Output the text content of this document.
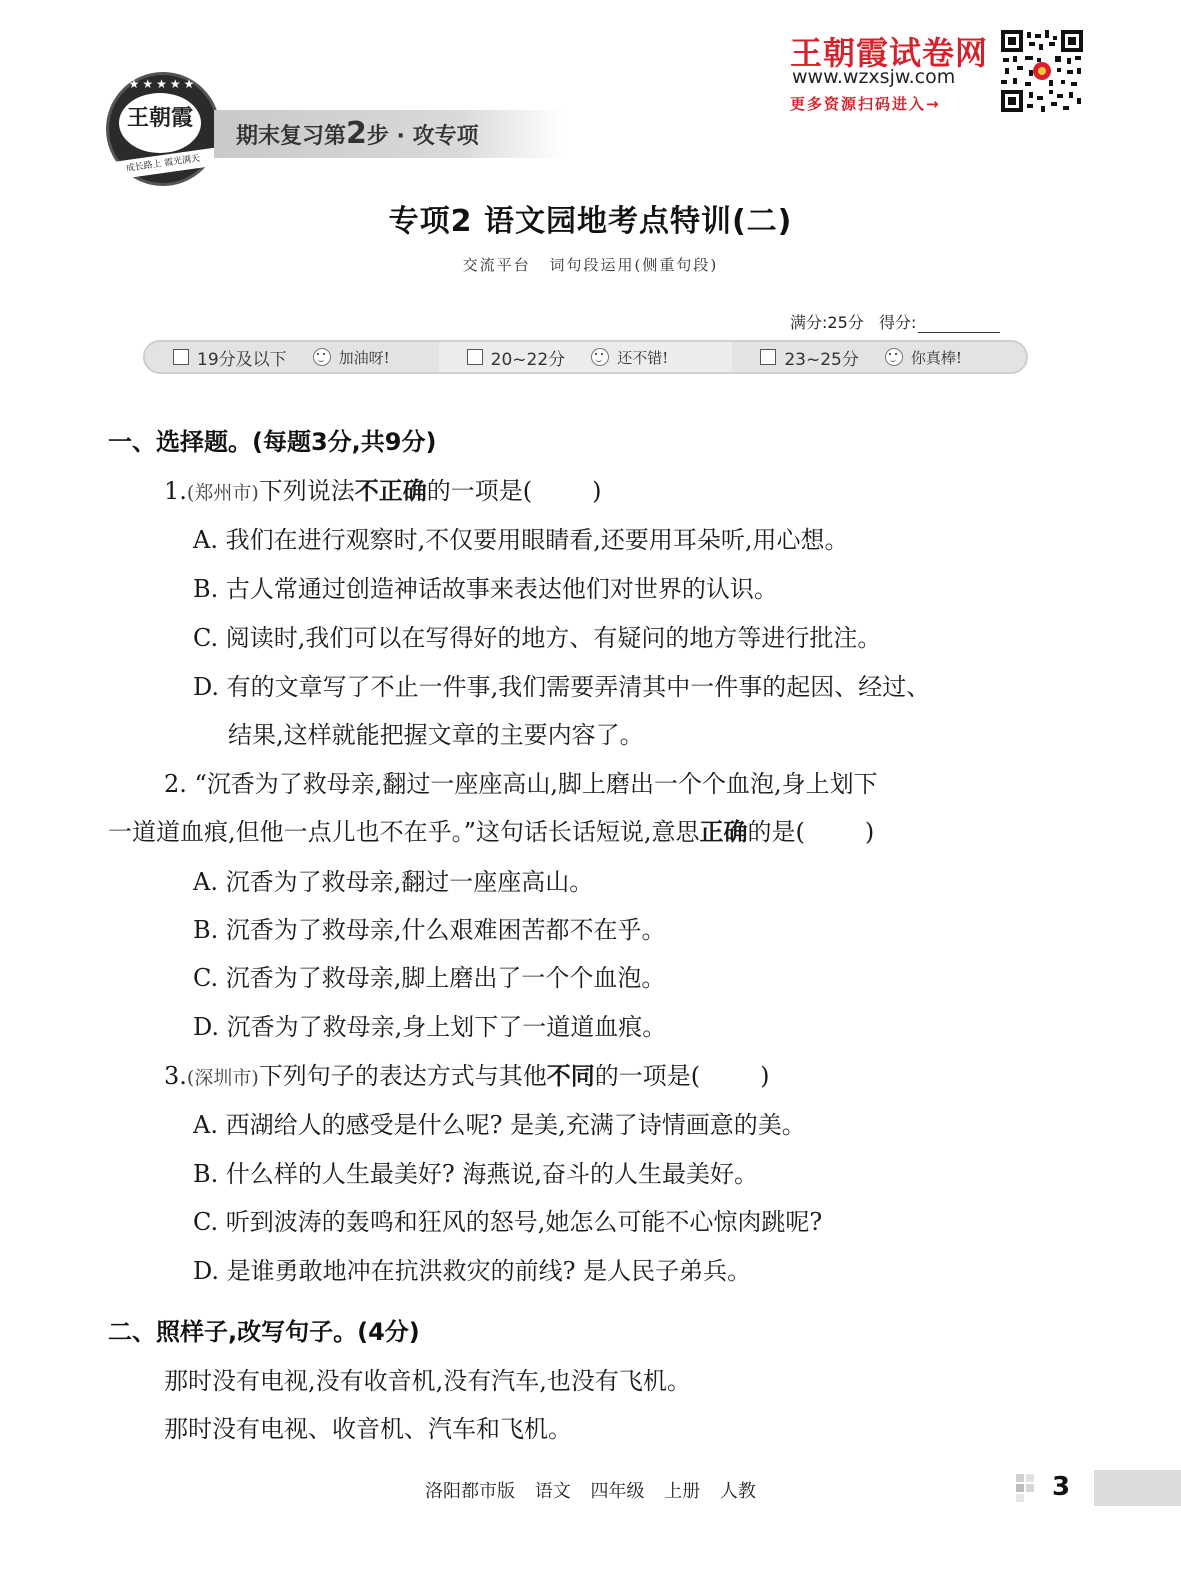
★★★★★
王朝霞
成长路上 霞光满天
期末复习第2步 · 攻专项
王朝霞试卷网
www.wzxsjw.com
更多资源扫码进入→
专项2 语文园地考点特训(二)
交流平台 词句段运用(侧重句段)
满分:25分 得分:
19分及以下	加油呀!	20~22分	还不错!	23~25分	你真棒!
一、选择题。(每题3分,共9分)
1.(郑州市)下列说法不正确的一项是(	)
A. 我们在进行观察时,不仅要用眼睛看,还要用耳朵听,用心想。
B. 古人常通过创造神话故事来表达他们对世界的认识。
C. 阅读时,我们可以在写得好的地方、有疑问的地方等进行批注。
D. 有的文章写了不止一件事,我们需要弄清其中一件事的起因、经过、
结果,这样就能把握文章的主要内容了。
2. “沉香为了救母亲,翻过一座座高山,脚上磨出一个个血泡,身上划下
一道道血痕,但他一点儿也不在乎。”这句话长话短说,意思正确的是(	)
A. 沉香为了救母亲,翻过一座座高山。
B. 沉香为了救母亲,什么艰难困苦都不在乎。
C. 沉香为了救母亲,脚上磨出了一个个血泡。
D. 沉香为了救母亲,身上划下了一道道血痕。
3.(深圳市)下列句子的表达方式与其他不同的一项是(	)
A. 西湖给人的感受是什么呢? 是美,充满了诗情画意的美。
B. 什么样的人生最美好? 海燕说,奋斗的人生最美好。
C. 听到波涛的轰鸣和狂风的怒号,她怎么可能不心惊肉跳呢?
D. 是谁勇敢地冲在抗洪救灾的前线? 是人民子弟兵。
二、照样子,改写句子。(4分)
那时没有电视,没有收音机,没有汽车,也没有飞机。
那时没有电视、收音机、汽车和飞机。
洛阳都市版 语文 四年级 上册 人教	3
